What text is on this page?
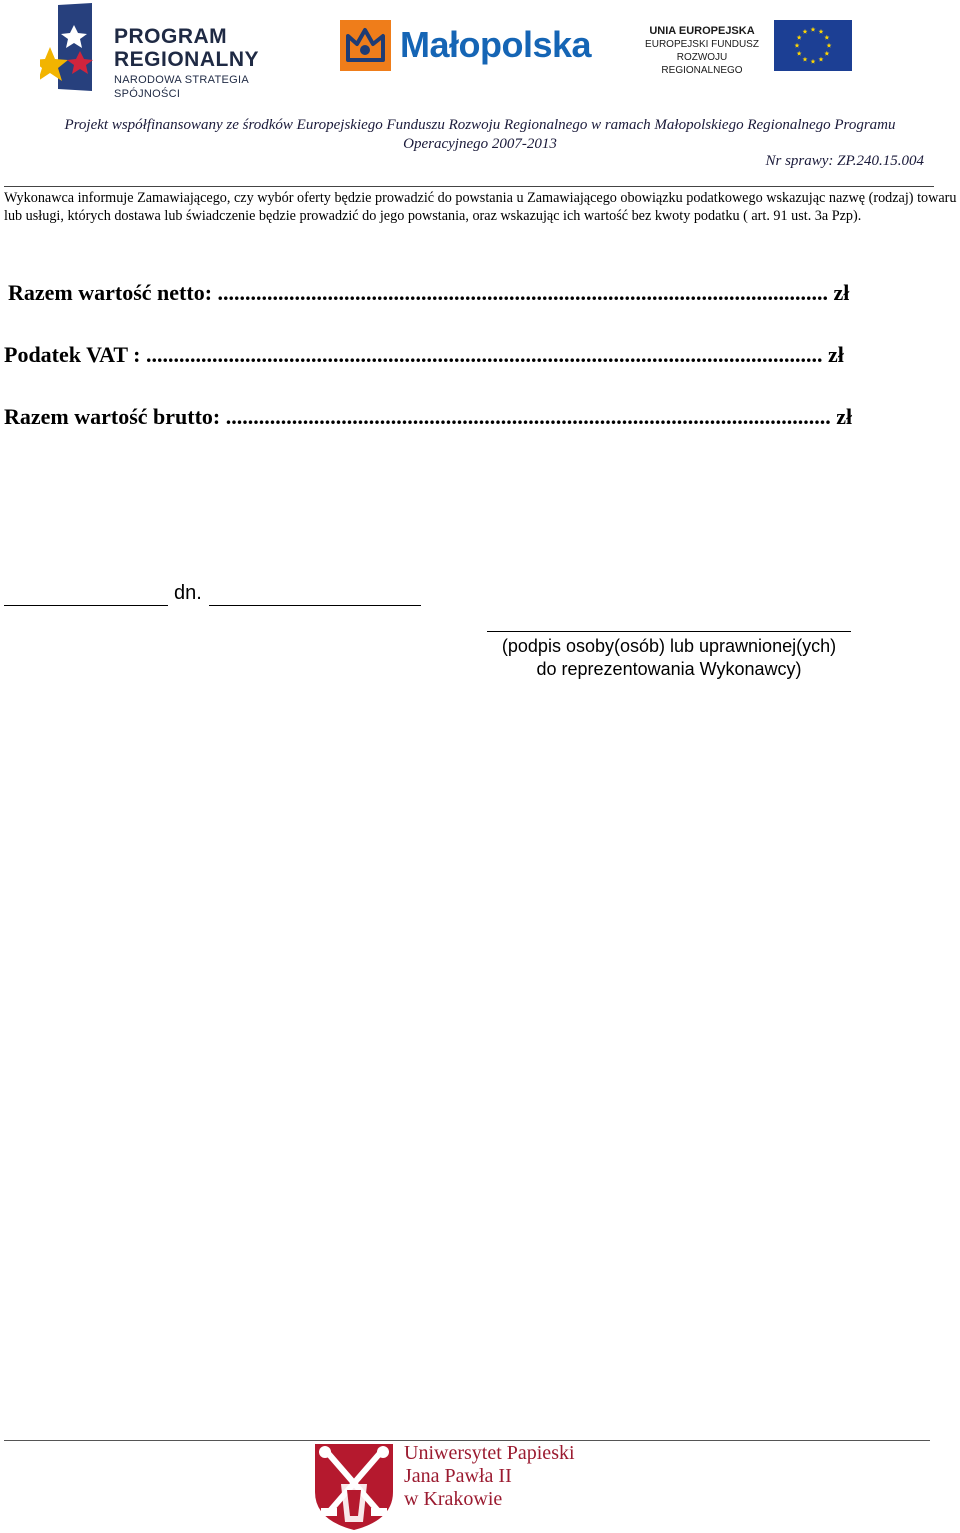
PROGRAM
REGIONALNY
NARODOWA STRATEGIA SPÓJNOŚCI
Małopolska	UNIA EUROPEJSKA
EUROPEJSKI FUNDUSZ
ROZWOJU REGIONALNEGO
Projekt współfinansowany ze środków Europejskiego Funduszu Rozwoju Regionalnego w ramach Małopolskiego Regionalnego Programu
Operacyjnego 2007-2013
Nr sprawy: ZP.240.15.004
Wykonawca informuje Zamawiającego, czy wybór oferty będzie prowadzić do powstania u Zamawiającego obowiązku podatkowego wskazując nazwę (rodzaj) towaru lub usługi, których dostawa lub świadczenie będzie prowadzić do jego powstania, oraz wskazując ich wartość bez kwoty podatku ( art. 91 ust. 3a Pzp).
Razem wartość netto: ............................................................................................................... zł
Podatek VAT : ........................................................................................................................... zł
Razem wartość brutto: .............................................................................................................. zł
dn.
(podpis osoby(osób) lub uprawnionej(ych)
do reprezentowania Wykonawcy)
Uniwersytet Papieski
Jana Pawła II
w Krakowie
